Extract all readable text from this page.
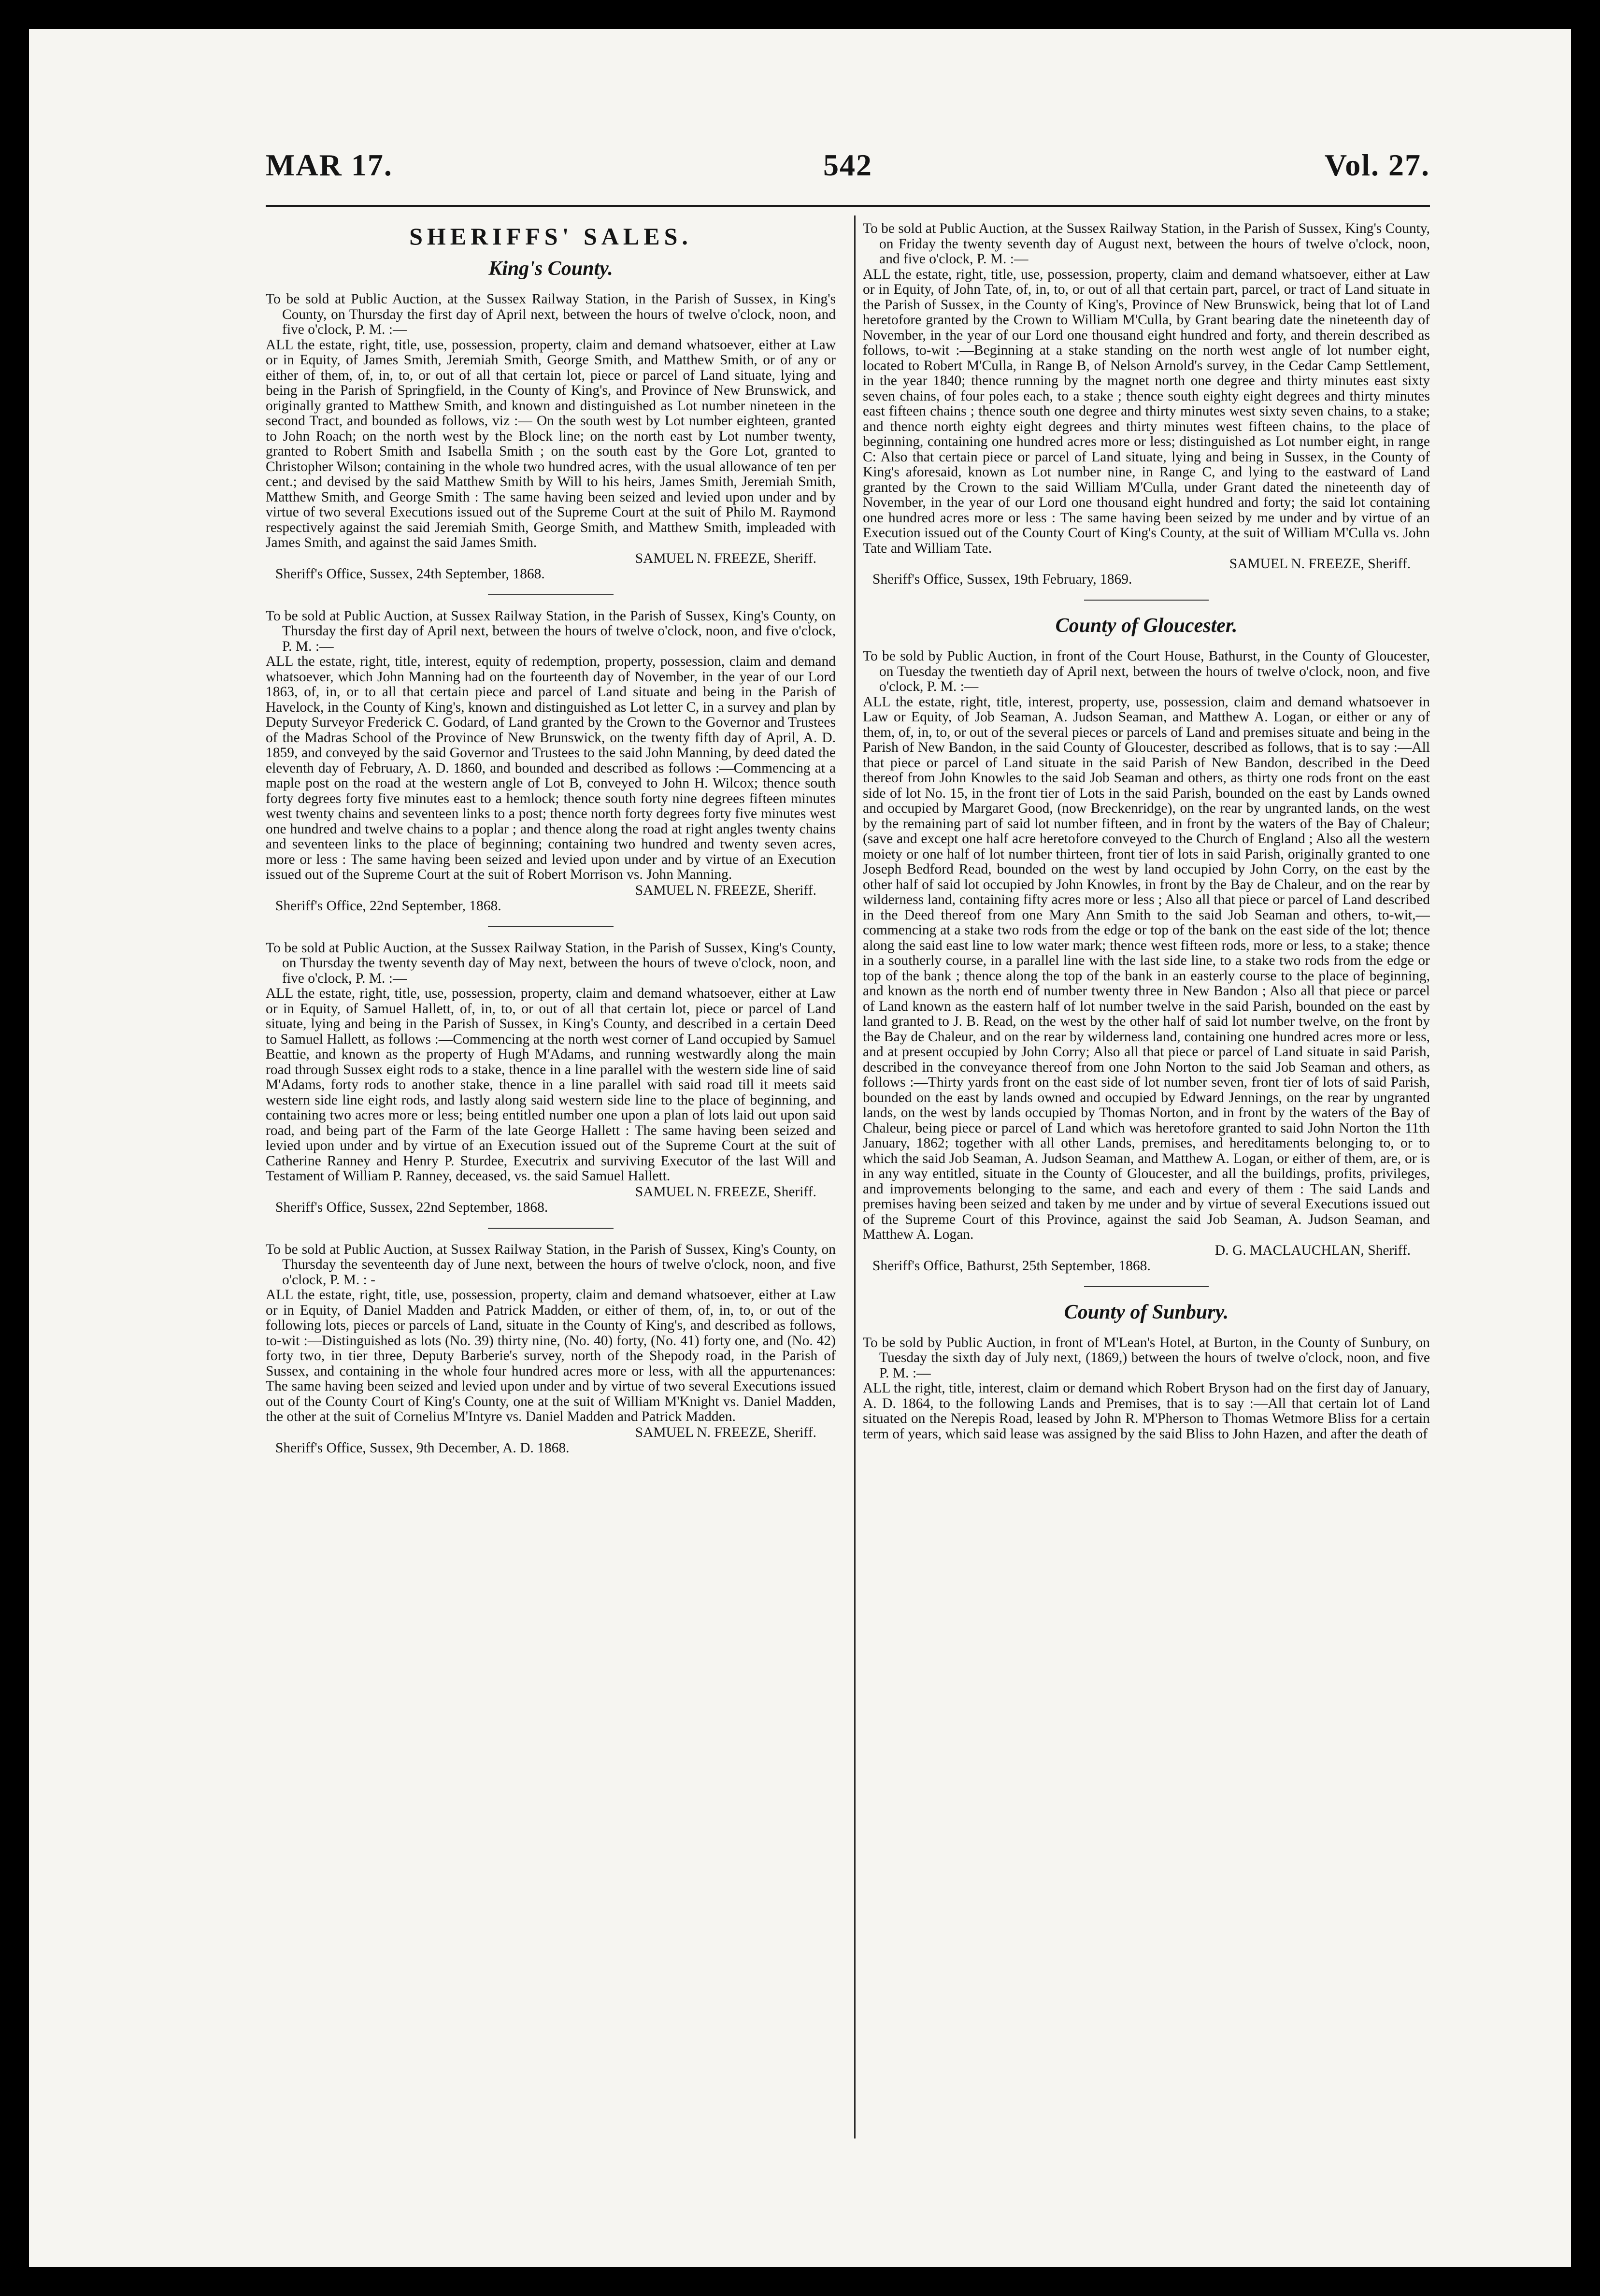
MAR 17.	542	Vol. 27.
SHERIFFS' SALES.
King's County.

To be sold at Public Auction, at the Sussex Railway Station, in the Parish of Sussex, in King's County, on Thursday the first day of April next, between the hours of twelve o'clock, noon, and five o'clock, P. M. :—

ALL the estate, right, title, use, possession, property, claim and demand whatsoever, either at Law or in Equity, of James Smith, Jeremiah Smith, George Smith, and Matthew Smith, or of any or either of them, of, in, to, or out of all that certain lot, piece or parcel of Land situate, lying and being in the Parish of Springfield, in the County of King's, and Province of New Brunswick, and originally granted to Matthew Smith, and known and distinguished as Lot number nineteen in the second Tract, and bounded as follows, viz :— On the south west by Lot number eighteen, granted to John Roach; on the north west by the Block line; on the north east by Lot number twenty, granted to Robert Smith and Isabella Smith ; on the south east by the Gore Lot, granted to Christopher Wilson; containing in the whole two hundred acres, with the usual allowance of ten per cent.; and devised by the said Matthew Smith by Will to his heirs, James Smith, Jeremiah Smith, Matthew Smith, and George Smith : The same having been seized and levied upon under and by virtue of two several Executions issued out of the Supreme Court at the suit of Philo M. Raymond respectively against the said Jeremiah Smith, George Smith, and Matthew Smith, impleaded with James Smith, and against the said James Smith.

SAMUEL N. FREEZE, Sheriff.

Sheriff's Office, Sussex, 24th September, 1868.

To be sold at Public Auction, at Sussex Railway Station, in the Parish of Sussex, King's County, on Thursday the first day of April next, between the hours of twelve o'clock, noon, and five o'clock, P. M. :—

ALL the estate, right, title, interest, equity of redemption, property, possession, claim and demand whatsoever, which John Manning had on the fourteenth day of November, in the year of our Lord 1863, of, in, or to all that certain piece and parcel of Land situate and being in the Parish of Havelock, in the County of King's, known and distinguished as Lot letter C, in a survey and plan by Deputy Surveyor Frederick C. Godard, of Land granted by the Crown to the Governor and Trustees of the Madras School of the Province of New Brunswick, on the twenty fifth day of April, A. D. 1859, and conveyed by the said Governor and Trustees to the said John Manning, by deed dated the eleventh day of February, A. D. 1860, and bounded and described as follows :—Commencing at a maple post on the road at the western angle of Lot B, conveyed to John H. Wilcox; thence south forty degrees forty five minutes east to a hemlock; thence south forty nine degrees fifteen minutes west twenty chains and seventeen links to a post; thence north forty degrees forty five minutes west one hundred and twelve chains to a poplar ; and thence along the road at right angles twenty chains and seventeen links to the place of beginning; containing two hundred and twenty seven acres, more or less : The same having been seized and levied upon under and by virtue of an Execution issued out of the Supreme Court at the suit of Robert Morrison vs. John Manning.

SAMUEL N. FREEZE, Sheriff.

Sheriff's Office, 22nd September, 1868.

To be sold at Public Auction, at the Sussex Railway Station, in the Parish of Sussex, King's County, on Thursday the twenty seventh day of May next, between the hours of tweve o'clock, noon, and five o'clock, P. M. :—

ALL the estate, right, title, use, possession, property, claim and demand whatsoever, either at Law or in Equity, of Samuel Hallett, of, in, to, or out of all that certain lot, piece or parcel of Land situate, lying and being in the Parish of Sussex, in King's County, and described in a certain Deed to Samuel Hallett, as follows :—Commencing at the north west corner of Land occupied by Samuel Beattie, and known as the property of Hugh M'Adams, and running westwardly along the main road through Sussex eight rods to a stake, thence in a line parallel with the western side line of said M'Adams, forty rods to another stake, thence in a line parallel with said road till it meets said western side line eight rods, and lastly along said western side line to the place of beginning, and containing two acres more or less; being entitled number one upon a plan of lots laid out upon said road, and being part of the Farm of the late George Hallett : The same having been seized and levied upon under and by virtue of an Execution issued out of the Supreme Court at the suit of Catherine Ranney and Henry P. Sturdee, Executrix and surviving Executor of the last Will and Testament of William P. Ranney, deceased, vs. the said Samuel Hallett.

SAMUEL N. FREEZE, Sheriff.

Sheriff's Office, Sussex, 22nd September, 1868.

To be sold at Public Auction, at Sussex Railway Station, in the Parish of Sussex, King's County, on Thursday the seventeenth day of June next, between the hours of twelve o'clock, noon, and five o'clock, P. M. : -

ALL the estate, right, title, use, possession, property, claim and demand whatsoever, either at Law or in Equity, of Daniel Madden and Patrick Madden, or either of them, of, in, to, or out of the following lots, pieces or parcels of Land, situate in the County of King's, and described as follows, to-wit :—Distinguished as lots (No. 39) thirty nine, (No. 40) forty, (No. 41) forty one, and (No. 42) forty two, in tier three, Deputy Barberie's survey, north of the Shepody road, in the Parish of Sussex, and containing in the whole four hundred acres more or less, with all the appurtenances: The same having been seized and levied upon under and by virtue of two several Executions issued out of the County Court of King's County, one at the suit of William M'Knight vs. Daniel Madden, the other at the suit of Cornelius M'Intyre vs. Daniel Madden and Patrick Madden.

SAMUEL N. FREEZE, Sheriff.

Sheriff's Office, Sussex, 9th December, A. D. 1868.

To be sold at Public Auction, at the Sussex Railway Station, in the Parish of Sussex, King's County, on Friday the twenty seventh day of August next, between the hours of twelve o'clock, noon, and five o'clock, P. M. :—

ALL the estate, right, title, use, possession, property, claim and demand whatsoever, either at Law or in Equity, of John Tate, of, in, to, or out of all that certain part, parcel, or tract of Land situate in the Parish of Sussex, in the County of King's, Province of New Brunswick, being that lot of Land heretofore granted by the Crown to William M'Culla, by Grant bearing date the nineteenth day of November, in the year of our Lord one thousand eight hundred and forty, and therein described as follows, to-wit :—Beginning at a stake standing on the north west angle of lot number eight, located to Robert M'Culla, in Range B, of Nelson Arnold's survey, in the Cedar Camp Settlement, in the year 1840; thence running by the magnet north one degree and thirty minutes east sixty seven chains, of four poles each, to a stake ; thence south eighty eight degrees and thirty minutes east fifteen chains ; thence south one degree and thirty minutes west sixty seven chains, to a stake; and thence north eighty eight degrees and thirty minutes west fifteen chains, to the place of beginning, containing one hundred acres more or less; distinguished as Lot number eight, in range C: Also that certain piece or parcel of Land situate, lying and being in Sussex, in the County of King's aforesaid, known as Lot number nine, in Range C, and lying to the eastward of Land granted by the Crown to the said William M'Culla, under Grant dated the nineteenth day of November, in the year of our Lord one thousand eight hundred and forty; the said lot containing one hundred acres more or less : The same having been seized by me under and by virtue of an Execution issued out of the County Court of King's County, at the suit of William M'Culla vs. John Tate and William Tate.

SAMUEL N. FREEZE, Sheriff.

Sheriff's Office, Sussex, 19th February, 1869.

County of Gloucester.

To be sold by Public Auction, in front of the Court House, Bathurst, in the County of Gloucester, on Tuesday the twentieth day of April next, between the hours of twelve o'clock, noon, and five o'clock, P. M. :—

ALL the estate, right, title, interest, property, use, possession, claim and demand whatsoever in Law or Equity, of Job Seaman, A. Judson Seaman, and Matthew A. Logan, or either or any of them, of, in, to, or out of the several pieces or parcels of Land and premises situate and being in the Parish of New Bandon, in the said County of Gloucester, described as follows, that is to say :—All that piece or parcel of Land situate in the said Parish of New Bandon, described in the Deed thereof from John Knowles to the said Job Seaman and others, as thirty one rods front on the east side of lot No. 15, in the front tier of Lots in the said Parish, bounded on the east by Lands owned and occupied by Margaret Good, (now Breckenridge), on the rear by ungranted lands, on the west by the remaining part of said lot number fifteen, and in front by the waters of the Bay of Chaleur; (save and except one half acre heretofore conveyed to the Church of England ; Also all the western moiety or one half of lot number thirteen, front tier of lots in said Parish, originally granted to one Joseph Bedford Read, bounded on the west by land occupied by John Corry, on the east by the other half of said lot occupied by John Knowles, in front by the Bay de Chaleur, and on the rear by wilderness land, containing fifty acres more or less ; Also all that piece or parcel of Land described in the Deed thereof from one Mary Ann Smith to the said Job Seaman and others, to-wit,—commencing at a stake two rods from the edge or top of the bank on the east side of the lot; thence along the said east line to low water mark; thence west fifteen rods, more or less, to a stake; thence in a southerly course, in a parallel line with the last side line, to a stake two rods from the edge or top of the bank ; thence along the top of the bank in an easterly course to the place of beginning, and known as the north end of number twenty three in New Bandon ; Also all that piece or parcel of Land known as the eastern half of lot number twelve in the said Parish, bounded on the east by land granted to J. B. Read, on the west by the other half of said lot number twelve, on the front by the Bay de Chaleur, and on the rear by wilderness land, containing one hundred acres more or less, and at present occupied by John Corry; Also all that piece or parcel of Land situate in said Parish, described in the conveyance thereof from one John Norton to the said Job Seaman and others, as follows :—Thirty yards front on the east side of lot number seven, front tier of lots of said Parish, bounded on the east by lands owned and occupied by Edward Jennings, on the rear by ungranted lands, on the west by lands occupied by Thomas Norton, and in front by the waters of the Bay of Chaleur, being piece or parcel of Land which was heretofore granted to said John Norton the 11th January, 1862; together with all other Lands, premises, and hereditaments belonging to, or to which the said Job Seaman, A. Judson Seaman, and Matthew A. Logan, or either of them, are, or is in any way entitled, situate in the County of Gloucester, and all the buildings, profits, privileges, and improvements belonging to the same, and each and every of them : The said Lands and premises having been seized and taken by me under and by virtue of several Executions issued out of the Supreme Court of this Province, against the said Job Seaman, A. Judson Seaman, and Matthew A. Logan.

D. G. MACLAUCHLAN, Sheriff.

Sheriff's Office, Bathurst, 25th September, 1868.

County of Sunbury.

To be sold by Public Auction, in front of M'Lean's Hotel, at Burton, in the County of Sunbury, on Tuesday the sixth day of July next, (1869,) between the hours of twelve o'clock, noon, and five P. M. :—

ALL the right, title, interest, claim or demand which Robert Bryson had on the first day of January, A. D. 1864, to the following Lands and Premises, that is to say :—All that certain lot of Land situated on the Nerepis Road, leased by John R. M'Pherson to Thomas Wetmore Bliss for a certain term of years, which said lease was assigned by the said Bliss to John Hazen, and after the death of
